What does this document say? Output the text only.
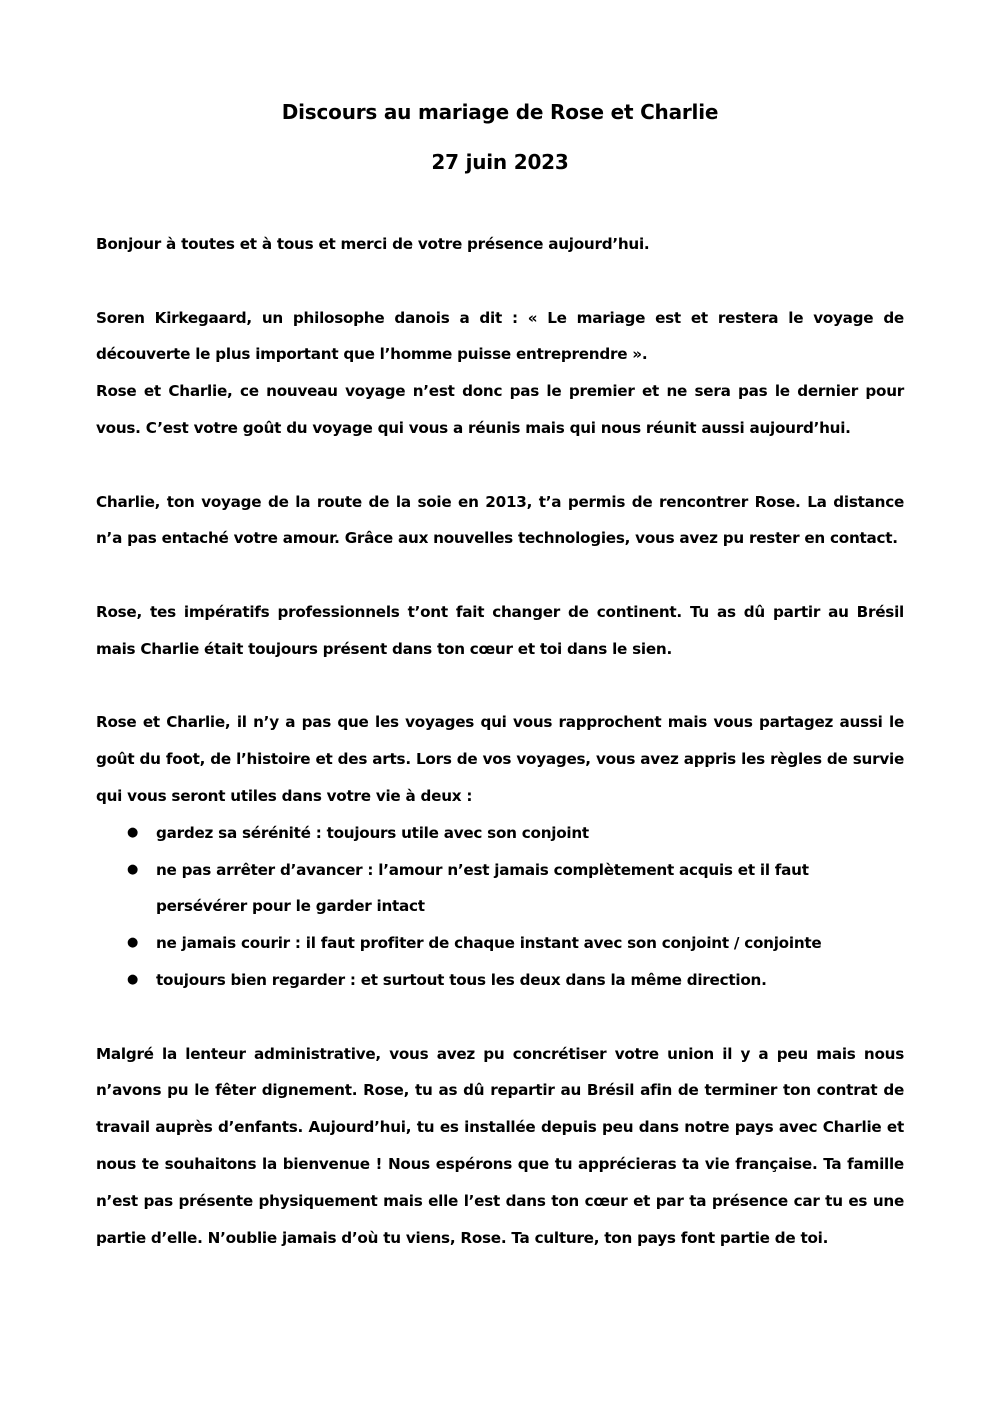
Discours au mariage de Rose et Charlie
27 juin 2023

Bonjour à toutes et à tous et merci de votre présence aujourd’hui.

Soren Kirkegaard, un philosophe danois a dit : « Le mariage est et restera le voyage de découverte le plus important que l’homme puisse entreprendre ».

Rose et Charlie, ce nouveau voyage n’est donc pas le premier et ne sera pas le dernier pour vous. C’est votre goût du voyage qui vous a réunis mais qui nous réunit aussi aujourd’hui.

Charlie, ton voyage de la route de la soie en 2013, t’a permis de rencontrer Rose. La distance n’a pas entaché votre amour. Grâce aux nouvelles technologies, vous avez pu rester en contact.

Rose, tes impératifs professionnels t’ont fait changer de continent. Tu as dû partir au Brésil mais Charlie était toujours présent dans ton cœur et toi dans le sien.

Rose et Charlie, il n’y a pas que les voyages qui vous rapprochent mais vous partagez aussi le goût du foot, de l’histoire et des arts. Lors de vos voyages, vous avez appris les règles de survie qui vous seront utiles dans votre vie à deux :

● gardez sa sérénité : toujours utile avec son conjoint
● ne pas arrêter d’avancer : l’amour n’est jamais complètement acquis et il faut persévérer pour le garder intact
● ne jamais courir : il faut profiter de chaque instant avec son conjoint / conjointe
● toujours bien regarder : et surtout tous les deux dans la même direction.

Malgré la lenteur administrative, vous avez pu concrétiser votre union il y a peu mais nous n’avons pu le fêter dignement. Rose, tu as dû repartir au Brésil afin de terminer ton contrat de travail auprès d’enfants. Aujourd’hui, tu es installée depuis peu dans notre pays avec Charlie et nous te souhaitons la bienvenue ! Nous espérons que tu apprécieras ta vie française. Ta famille n’est pas présente physiquement mais elle l’est dans ton cœur et par ta présence car tu es une partie d’elle. N’oublie jamais d’où tu viens, Rose. Ta culture, ton pays font partie de toi.
